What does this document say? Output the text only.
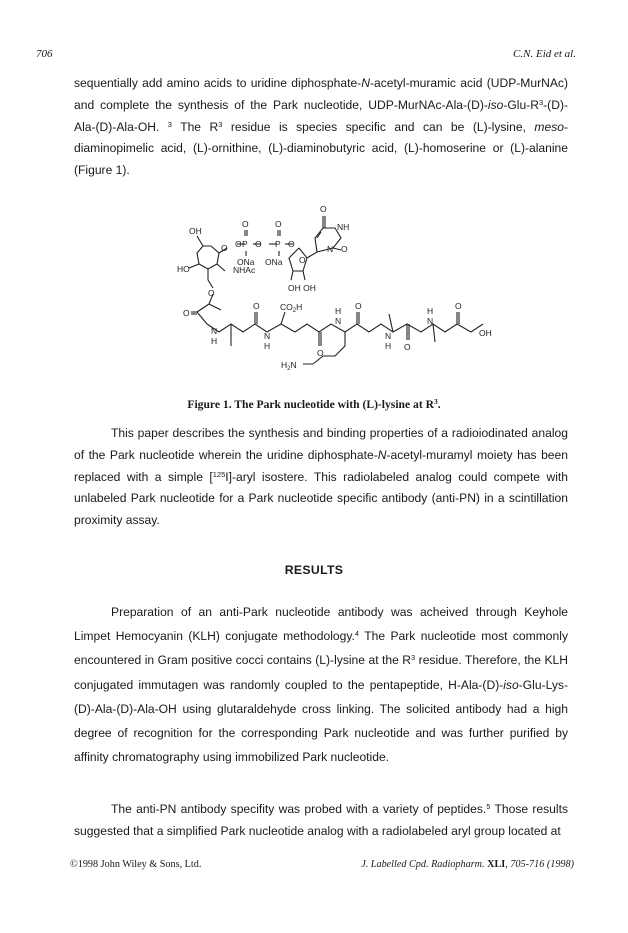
706	C.N. Eid et al.

sequentially add amino acids to uridine diphosphate-N-acetyl-muramic acid (UDP-MurNAc) and complete the synthesis of the Park nucleotide, UDP-$MurNAc-Ala-(D)-iso-Glu-R^3-(D)-Ala-(D)-Ala-OH$. $^3$ The $R^3$ residue is species specific and can be (L)-lysine, meso-diaminopimelic acid, (L)-ornithine, (L)-diaminobutyric acid, (L)-homoserine or (L)-alanine (Figure 1).

OH
O O
O
P O
O
P O
ONa ONa
O
NH
N O
O
NHAc
HO
OH OH
O
O
N
H
O
N
H
$CO_2H$
O
N
H O
N
H O
N
H	O
OH
$H_2N$
Figure 1. The Park nucleotide with (L)-lysine at $R^3$.

This paper describes the synthesis and binding properties of a radioiodinated analog of the Park nucleotide wherein the uridine diphosphate-N-acetyl-muramyl moiety has been replaced with a simple [$^{125}$I]-aryl isostere. This radiolabeled analog could compete with unlabeled Park nucleotide for a Park nucleotide specific antibody (anti-PN) in a scintillation proximity assay.

RESULTS

Preparation of an anti-Park nucleotide antibody was acheived through Keyhole Limpet Hemocyanin (KLH) conjugate methodology.$^4$ The Park nucleotide most commonly encountered in Gram positive cocci contains (L)-lysine at the $R^3$ residue. Therefore, the KLH conjugated immutagen was randomly coupled to the pentapeptide, H-Ala-(D)-iso-Glu-Lys-(D)-Ala-(D)-Ala-OH using glutaraldehyde cross linking. The solicited antibody had a high degree of recognition for the corresponding Park nucleotide and was further purified by affinity chromatography using immobilized Park nucleotide.

The anti-PN antibody specifity was probed with a variety of peptides.$^5$ Those results suggested that a simplified Park nucleotide analog with a radiolabeled aryl group located at

©1998 John Wiley & Sons, Ltd.	J. Labelled Cpd. Radiopharm. XLI, 705-716 (1998)
